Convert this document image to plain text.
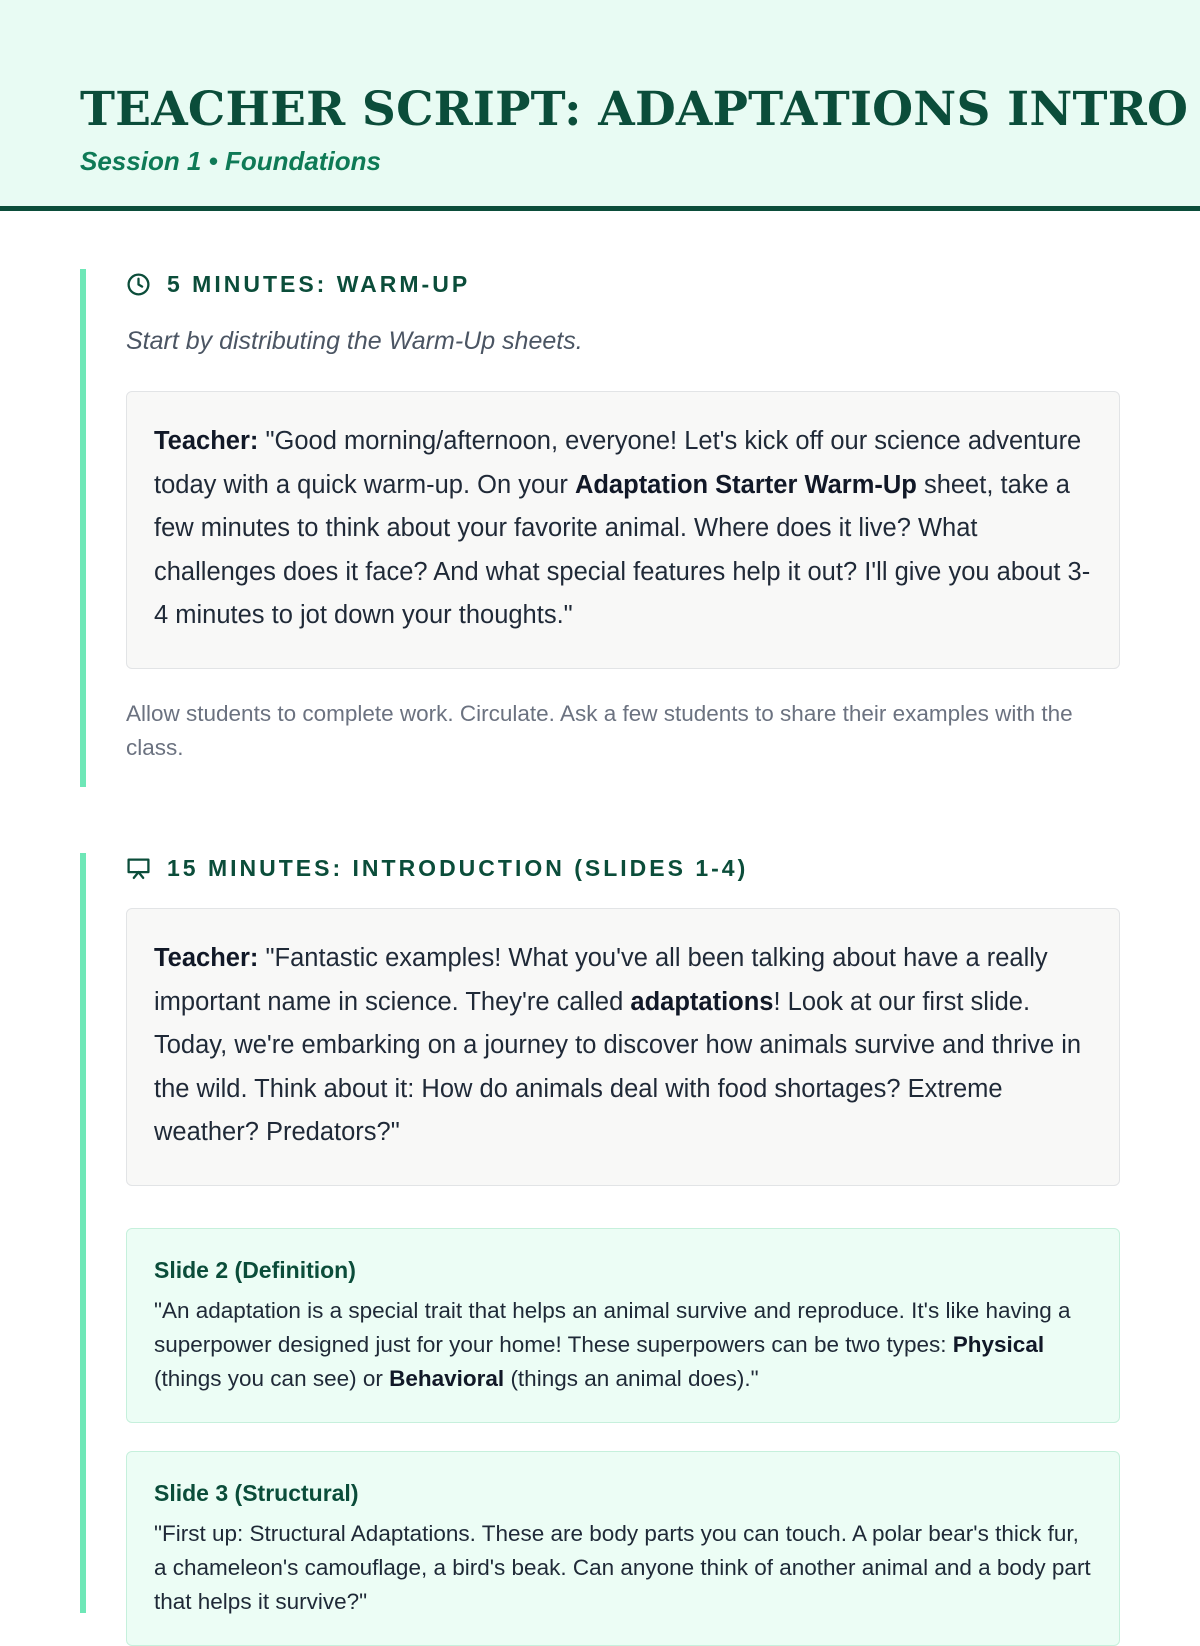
TEACHER SCRIPT: ADAPTATIONS INTRO
Session 1 • Foundations
5 MINUTES: WARM-UP
Start by distributing the Warm-Up sheets.
Teacher: "Good morning/afternoon, everyone! Let's kick off our science adventure today with a quick warm-up. On your Adaptation Starter Warm-Up sheet, take a few minutes to think about your favorite animal. Where does it live? What challenges does it face? And what special features help it out? I'll give you about 3-4 minutes to jot down your thoughts."
Allow students to complete work. Circulate. Ask a few students to share their examples with the class.
15 MINUTES: INTRODUCTION (SLIDES 1-4)
Teacher: "Fantastic examples! What you've all been talking about have a really important name in science. They're called adaptations! Look at our first slide. Today, we're embarking on a journey to discover how animals survive and thrive in the wild. Think about it: How do animals deal with food shortages? Extreme weather? Predators?"
Slide 2 (Definition)
"An adaptation is a special trait that helps an animal survive and reproduce. It's like having a superpower designed just for your home! These superpowers can be two types: Physical (things you can see) or Behavioral (things an animal does)."
Slide 3 (Structural)
"First up: Structural Adaptations. These are body parts you can touch. A polar bear's thick fur, a chameleon's camouflage, a bird's beak. Can anyone think of another animal and a body part that helps it survive?"
